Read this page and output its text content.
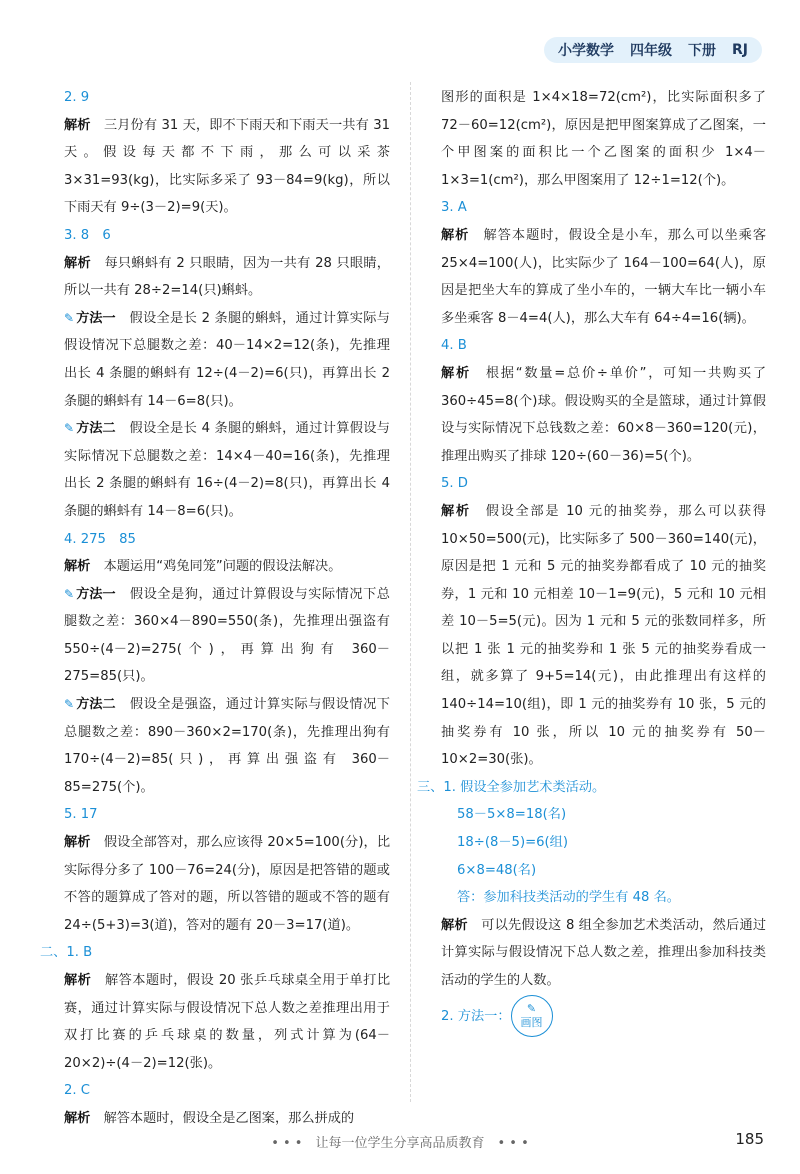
小学数学 四年级 下册 RJ

2. 9

解析　 三月份有 31 天，即不下雨天和下雨天一共有 31 天。假设每天都不下雨，那么可以采茶 3×31=93(kg)，比实际多采了 93－84=9(kg)，所以下雨天有 9÷(3－2)=9(天)。

3. 8　6

解析　 每只蝌蚪有 2 只眼睛，因为一共有 28 只眼睛，所以一共有 28÷2=14(只)蝌蚪。

✎ 方法一
　 假设全是长 2 条腿的蝌蚪，通过计算实际与假设情况下总腿数之差：40－14×2=12(条)，先推理出长 4 条腿的蝌蚪有 12÷(4－2)=6(只)，再算出长 2 条腿的蝌蚪有 14－6=8(只)。

✎ 方法二
　 假设全是长 4 条腿的蝌蚪，通过计算假设与实际情况下总腿数之差：14×4－40=16(条)，先推理出长 2 条腿的蝌蚪有 16÷(4－2)=8(只)，再算出长 4 条腿的蝌蚪有 14－8=6(只)。

4. 275　85

解析　 本题运用“鸡兔同笼”问题的假设法解决。

✎ 方法一
　 假设全是狗，通过计算假设与实际情况下总腿数之差：360×4－890=550(条)，先推理出强盗有 550÷(4－2)=275(个)，再算出狗有 360－275=85(只)。

✎ 方法二
　 假设全是强盗，通过计算实际与假设情况下总腿数之差：890－360×2=170(条)，先推理出狗有 170÷(4－2)=85(只)，再算出强盗有 360－85=275(个)。

5. 17

解析　 假设全部答对，那么应该得 20×5=100(分)，比实际得分多了 100－76=24(分)，原因是把答错的题或不答的题算成了答对的题，所以答错的题或不答的题有 24÷(5+3)=3(道)，答对的题有 20－3=17(道)。

二、1. B

解析　 解答本题时，假设 20 张乒乓球桌全用于单打比赛，通过计算实际与假设情况下总人数之差推理出用于双打比赛的乒乓球桌的数量，列式计算为(64－20×2)÷(4－2)=12(张)。

2. C

解析　 解答本题时，假设全是乙图案，那么拼成的

图形的面积是 1×4×18=72(cm²)，比实际面积多了 72－60=12(cm²)，原因是把甲图案算成了乙图案，一个甲图案的面积比一个乙图案的面积少 1×4－1×3=1(cm²)，那么甲图案用了 12÷1=12(个)。

3. A

解析　 解答本题时，假设全是小车，那么可以坐乘客 25×4=100(人)，比实际少了 164－100=64(人)，原因是把坐大车的算成了坐小车的，一辆大车比一辆小车多坐乘客 8－4=4(人)，那么大车有 64÷4=16(辆)。

4. B

解析　 根据“数量=总价÷单价”，可知一共购买了 360÷45=8(个)球。假设购买的全是篮球，通过计算假设与实际情况下总钱数之差：60×8－360=120(元)，推理出购买了排球 120÷(60－36)=5(个)。

5. D

解析　 假设全部是 10 元的抽奖券，那么可以获得 10×50=500(元)，比实际多了 500－360=140(元)，原因是把 1 元和 5 元的抽奖券都看成了 10 元的抽奖券，1 元和 10 元相差 10－1=9(元)，5 元和 10 元相差 10－5=5(元)。因为 1 元和 5 元的张数同样多，所以把 1 张 1 元的抽奖券和 1 张 5 元的抽奖券看成一组，就多算了 9+5=14(元)，由此推理出有这样的 140÷14=10(组)，即 1 元的抽奖券有 10 张，5 元的抽奖券有 10 张，所以 10 元的抽奖券有 50－10×2=30(张)。

三、1. 假设全参加艺术类活动。

58－5×8=18(名)

18÷(8－5)=6(组)

6×8=48(名)

答：参加科技类活动的学生有 48 名。

解析　 可以先假设这 8 组全参加艺术类活动，然后通过计算实际与假设情况下总人数之差，推理出参加科技类活动的学生的人数。

2. 方法一：
✎
画图

• • •　让每一位学生分享高品质教育　• • •	185
